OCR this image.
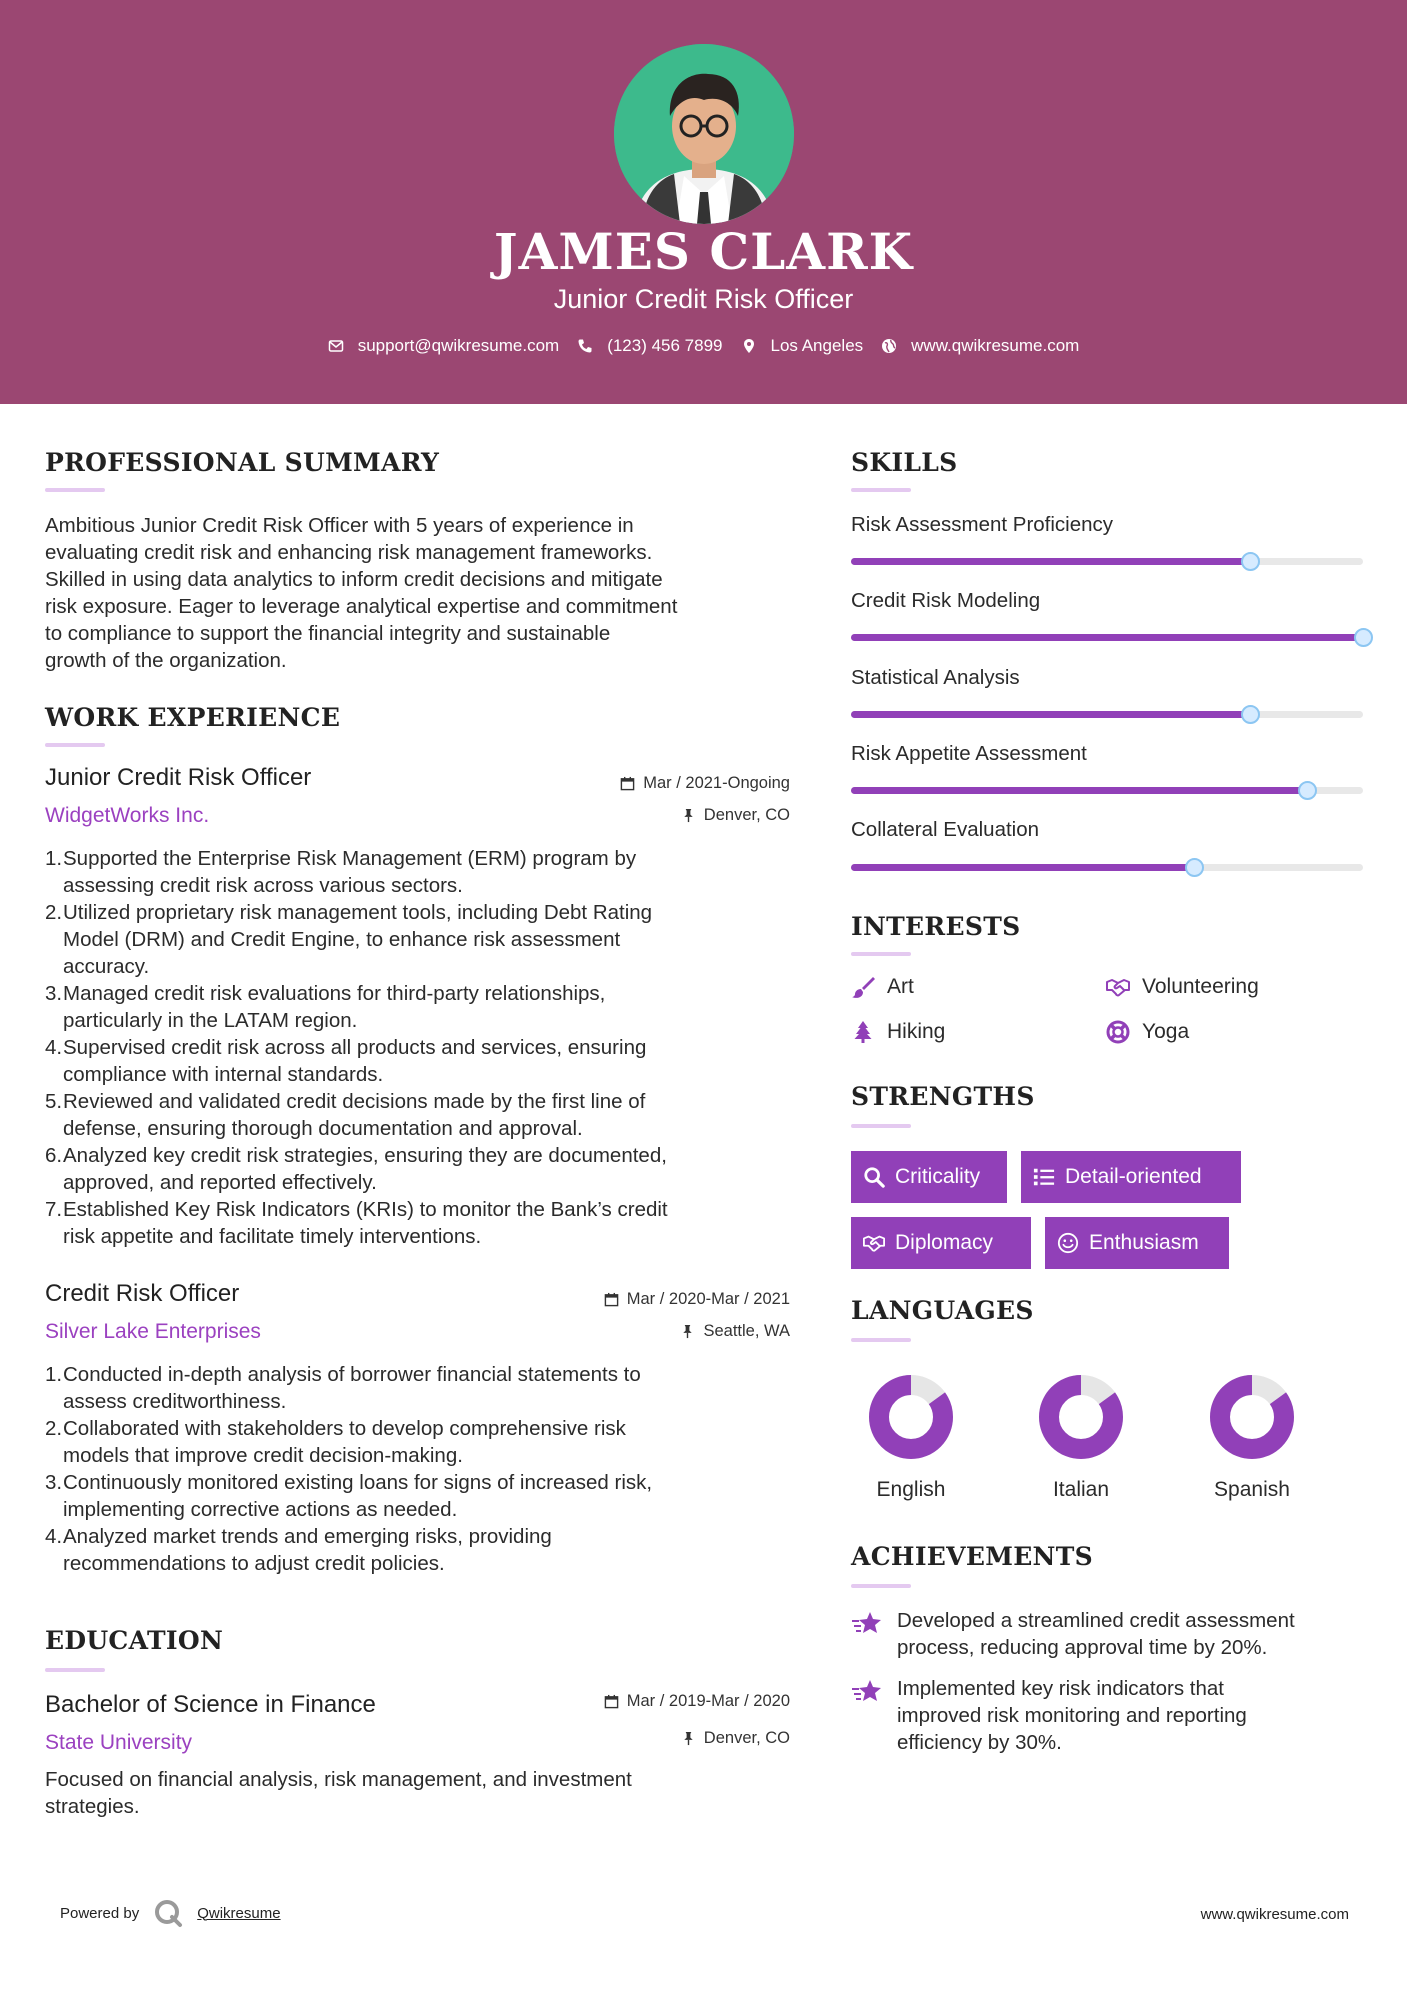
JAMES CLARK
Junior Credit Risk Officer
support@qwikresume.com	(123) 456 7899	Los Angeles	www.qwikresume.com
PROFESSIONAL SUMMARY
Ambitious Junior Credit Risk Officer with 5 years of experience in
evaluating credit risk and enhancing risk management frameworks.
Skilled in using data analytics to inform credit decisions and mitigate
risk exposure. Eager to leverage analytical expertise and commitment
to compliance to support the financial integrity and sustainable
growth of the organization.
WORK EXPERIENCE
Junior Credit Risk Officer
WidgetWorks Inc.
Mar / 2021-Ongoing
Denver, CO
1. Supported the Enterprise Risk Management (ERM) program by
assessing credit risk across various sectors.
2. Utilized proprietary risk management tools, including Debt Rating
Model (DRM) and Credit Engine, to enhance risk assessment
accuracy.
3. Managed credit risk evaluations for third-party relationships,
particularly in the LATAM region.
4. Supervised credit risk across all products and services, ensuring
compliance with internal standards.
5. Reviewed and validated credit decisions made by the first line of
defense, ensuring thorough documentation and approval.
6. Analyzed key credit risk strategies, ensuring they are documented,
approved, and reported effectively.
7. Established Key Risk Indicators (KRIs) to monitor the Bank’s credit
risk appetite and facilitate timely interventions.
Credit Risk Officer
Silver Lake Enterprises
Mar / 2020-Mar / 2021
Seattle, WA
1. Conducted in-depth analysis of borrower financial statements to
assess creditworthiness.
2. Collaborated with stakeholders to develop comprehensive risk
models that improve credit decision-making.
3. Continuously monitored existing loans for signs of increased risk,
implementing corrective actions as needed.
4. Analyzed market trends and emerging risks, providing
recommendations to adjust credit policies.
EDUCATION
Bachelor of Science in Finance
State University
Mar / 2019-Mar / 2020
Denver, CO
Focused on financial analysis, risk management, and investment
strategies.
SKILLS
Risk Assessment Proficiency
Credit Risk Modeling
Statistical Analysis
Risk Appetite Assessment
Collateral Evaluation
INTERESTS
Art	Volunteering
Hiking	Yoga
STRENGTHS
Criticality	Detail-oriented
Diplomacy	Enthusiasm
LANGUAGES
English	Italian	Spanish
ACHIEVEMENTS
Developed a streamlined credit assessment
process, reducing approval time by 20%.
Implemented key risk indicators that
improved risk monitoring and reporting
efficiency by 30%.
Powered by	Qwikresume	www.qwikresume.com
